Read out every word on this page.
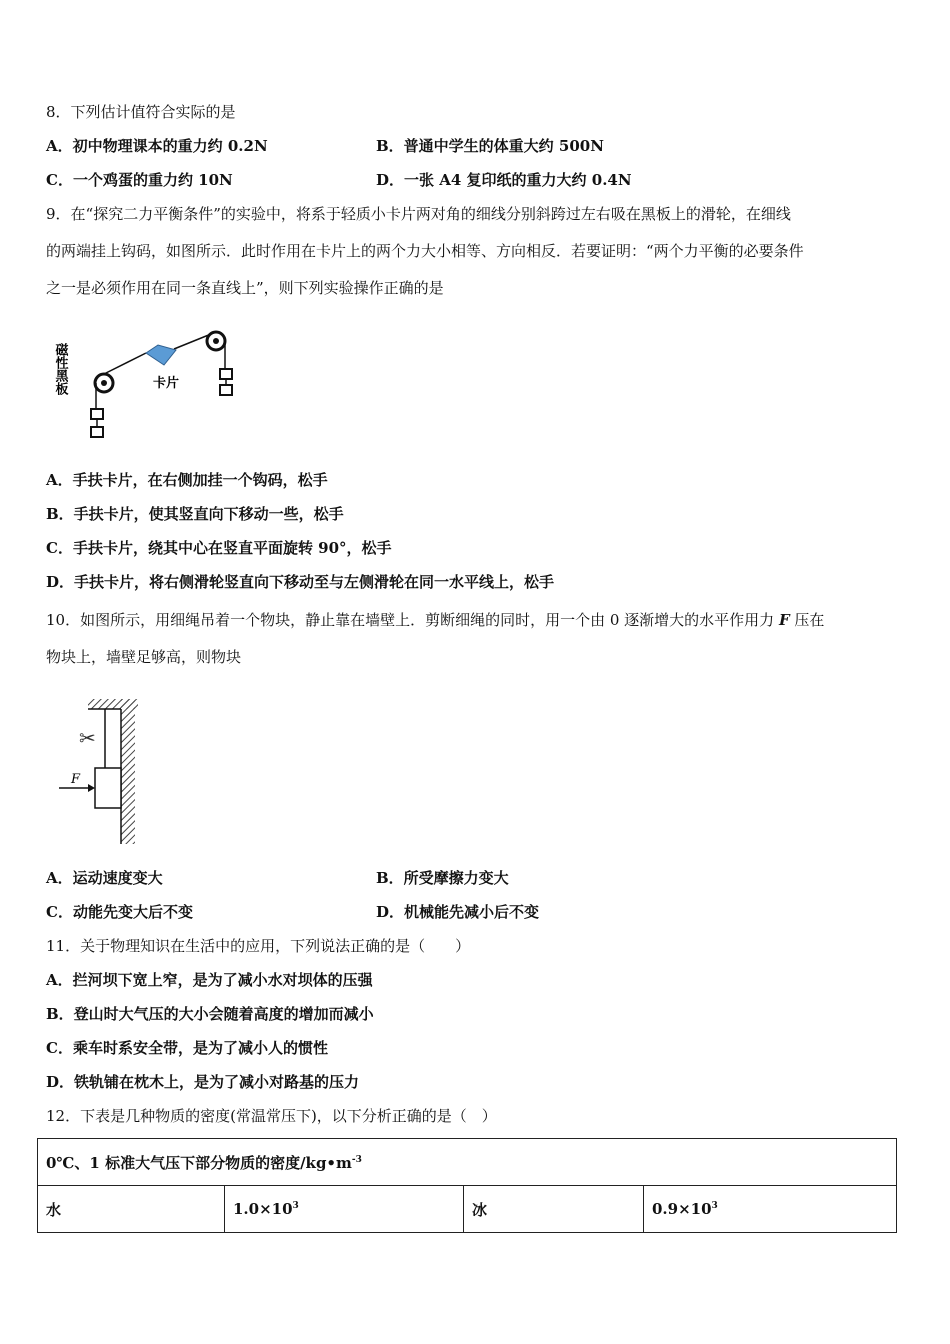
8．下列估计值符合实际的是
A．初中物理课本的重力约 0.2N	B．普通中学生的体重大约 500N
C．一个鸡蛋的重力约 10N	D．一张 A4 复印纸的重力大约 0.4N
9．在“探究二力平衡条件”的实验中，将系于轻质小卡片两对角的细线分别斜跨过左右吸在黑板上的滑轮，在细线
的两端挂上钩码，如图所示．此时作用在卡片上的两个力大小相等、方向相反．若要证明：“两个力平衡的必要条件
之一是必须作用在同一条直线上”，则下列实验操作正确的是
磁性黑板	卡片
A．手扶卡片，在右侧加挂一个钩码，松手
B．手扶卡片，使其竖直向下移动一些，松手
C．手扶卡片，绕其中心在竖直平面旋转 90°，松手
D．手扶卡片，将右侧滑轮竖直向下移动至与左侧滑轮在同一水平线上，松手
10．如图所示，用细绳吊着一个物块，静止靠在墙壁上．剪断细绳的同时，用一个由 0 逐渐增大的水平作用力 F 压在
物块上，墙壁足够高，则物块
✂
F
A．运动速度变大	B．所受摩擦力变大
C．动能先变大后不变	D．机械能先减小后不变
11．关于物理知识在生活中的应用，下列说法正确的是（　　）
A．拦河坝下宽上窄，是为了减小水对坝体的压强
B．登山时大气压的大小会随着高度的增加而减小
C．乘车时系安全带，是为了减小人的惯性
D．铁轨铺在枕木上，是为了减小对路基的压力
12．下表是几种物质的密度(常温常压下)，以下分析正确的是（　）
0℃、1 标准大气压下部分物质的密度$/kg•m^{-3}$
水	$1.0\times 10^3$	冰	$0.9\times 10^3$
